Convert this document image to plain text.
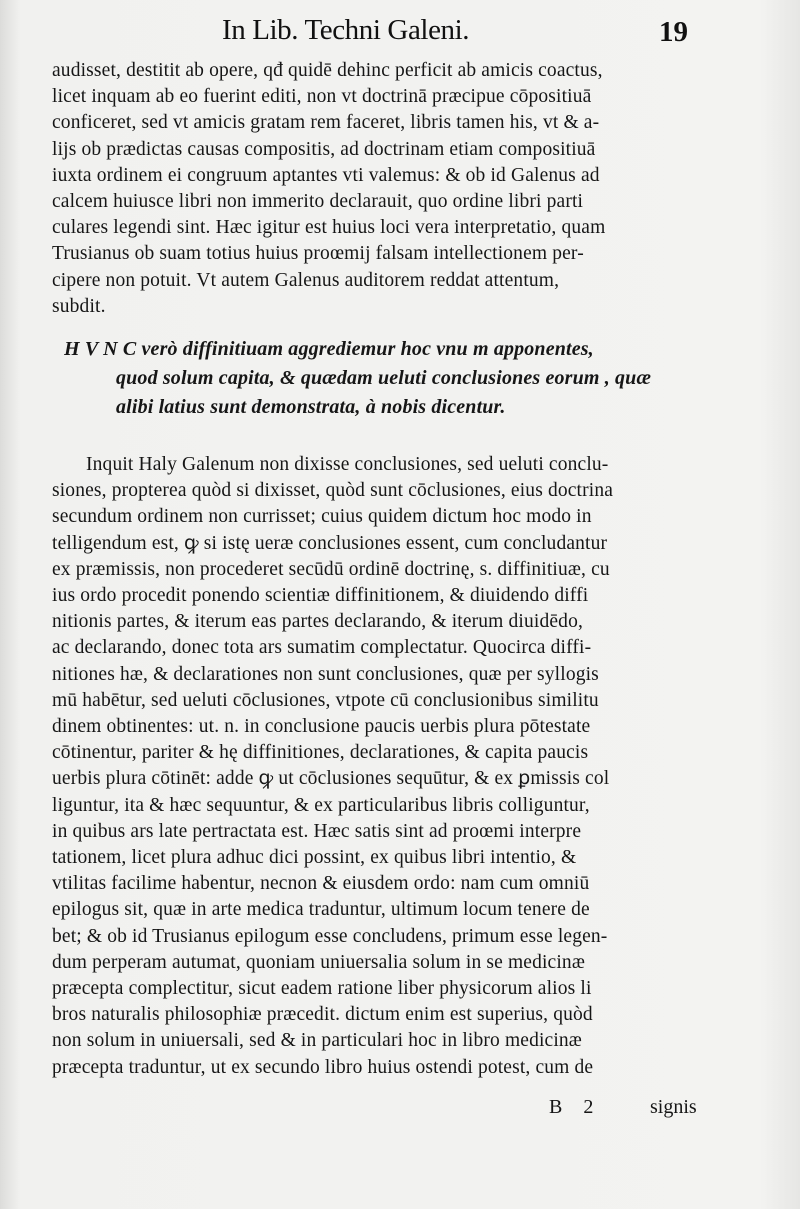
In Lib. Techni Galeni.	19
audisset, destitit ab opere, qđ quidē dehinc perficit ab amicis coactus,
licet inquam ab eo fuerint editi, non vt doctrinā præcipue cōpositiuā
conficeret, sed vt amicis gratam rem faceret, libris tamen his, vt & a-
lijs ob prædictas causas compositis, ad doctrinam etiam compositiuā
iuxta ordinem ei congruum aptantes vti valemus: & ob id Galenus ad
calcem huiusce libri non immerito declarauit, quo ordine libri parti
culares legendi sint. Hæc igitur est huius loci vera interpretatio, quam
Trusianus ob suam totius huius proœmij falsam intellectionem per-
cipere non potuit. Vt autem Galenus auditorem reddat attentum,
subdit.
H V N C verò diffinitiuam aggrediemur hoc vnu m apponentes,
quod solum capita, & quædam ueluti conclusiones eorum , quæ
alibi latius sunt demonstrata, à nobis dicentur.
Inquit Haly Galenum non dixisse conclusiones, sed ueluti conclu-
siones, propterea quòd si dixisset, quòd sunt cōclusiones, eius doctrina
secundum ordinem non currisset; cuius quidem dictum hoc modo in
telligendum est, ꝙ si istę ueræ conclusiones essent, cum concludantur
ex præmissis, non procederet secūdū ordinē doctrinę, s. diffinitiuæ, cu
ius ordo procedit ponendo scientiæ diffinitionem, & diuidendo diffi
nitionis partes, & iterum eas partes declarando, & iterum diuidēdo,
ac declarando, donec tota ars sumatim complectatur. Quocirca diffi-
nitiones hæ, & declarationes non sunt conclusiones, quæ per syllogis
mū habētur, sed ueluti cōclusiones, vtpote cū conclusionibus similitu
dinem obtinentes: ut. n. in conclusione paucis uerbis plura pōtestate
cōtinentur, pariter & hę diffinitiones, declarationes, & capita paucis
uerbis plura cōtinēt: adde ꝙ ut cōclusiones sequūtur, & ex ꝑmissis col
liguntur, ita & hæc sequuntur, & ex particularibus libris colliguntur,
in quibus ars late pertractata est. Hæc satis sint ad proœmi interpre
tationem, licet plura adhuc dici possint, ex quibus libri intentio, &
vtilitas facilime habentur, necnon & eiusdem ordo: nam cum omniū
epilogus sit, quæ in arte medica traduntur, ultimum locum tenere de
bet; & ob id Trusianus epilogum esse concludens, primum esse legen-
dum perperam autumat, quoniam uniuersalia solum in se medicinæ
præcepta complectitur, sicut eadem ratione liber physicorum alios li
bros naturalis philosophiæ præcedit. dictum enim est superius, quòd
non solum in uniuersali, sed & in particulari hoc in libro medicinæ
præcepta traduntur, ut ex secundo libro huius ostendi potest, cum de
B 2 signis
